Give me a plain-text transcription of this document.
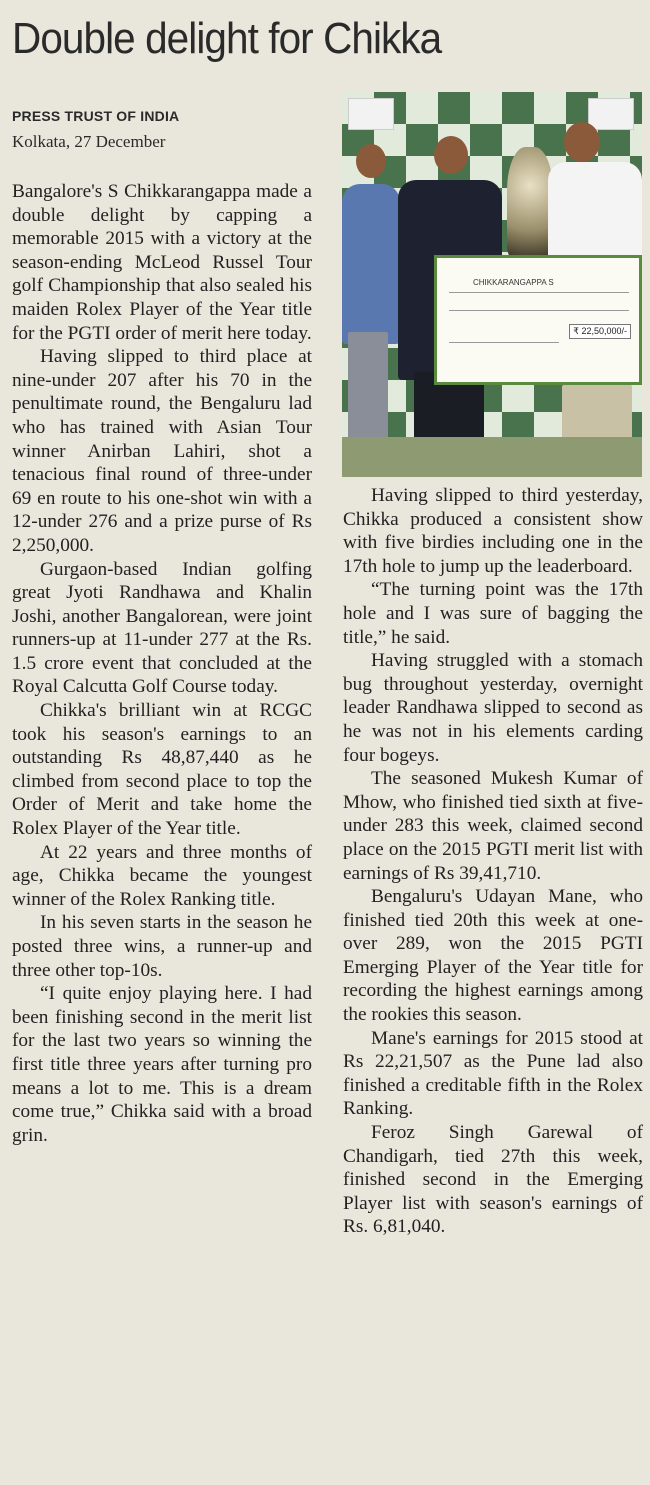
Double delight for Chikka
PRESS TRUST OF INDIA
Kolkata, 27 December
CHIKKARANGAPPA S
₹ 22,50,000/-

Bangalore's S Chikkarangappa made a double delight by capping a memorable 2015 with a victory at the season-ending McLeod Russel Tour golf Championship that also sealed his maiden Rolex Player of the Year title for the PGTI order of merit here today.

Having slipped to third place at nine-under 207 after his 70 in the penultimate round, the Bengaluru lad who has trained with Asian Tour winner Anirban Lahiri, shot a tenacious final round of three-under 69 en route to his one-shot win with a 12-under 276 and a prize purse of Rs 2,250,000.

Gurgaon-based Indian golfing great Jyoti Randhawa and Khalin Joshi, another Bangalorean, were joint runners-up at 11-under 277 at the Rs. 1.5 crore event that concluded at the Royal Calcutta Golf Course today.

Chikka's brilliant win at RCGC took his season's earnings to an outstanding Rs 48,87,440 as he climbed from second place to top the Order of Merit and take home the Rolex Player of the Year title.

At 22 years and three months of age, Chikka became the youngest winner of the Rolex Ranking title.

In his seven starts in the season he posted three wins, a runner-up and three other top-10s.

“I quite enjoy playing here. I had been finishing second in the merit list for the last two years so winning the first title three years after turning pro means a lot to me. This is a dream come true,” Chikka said with a broad grin.

Having slipped to third yesterday, Chikka produced a consistent show with five birdies including one in the 17th hole to jump up the leaderboard.

“The turning point was the 17th hole and I was sure of bagging the title,” he said.

Having struggled with a stomach bug throughout yesterday, overnight leader Randhawa slipped to second as he was not in his elements carding four bogeys.

The seasoned Mukesh Kumar of Mhow, who finished tied sixth at five-under 283 this week, claimed second place on the 2015 PGTI merit list with earnings of Rs 39,41,710.

Bengaluru's Udayan Mane, who finished tied 20th this week at one-over 289, won the 2015 PGTI Emerging Player of the Year title for recording the highest earnings among the rookies this season.

Mane's earnings for 2015 stood at Rs 22,21,507 as the Pune lad also finished a creditable fifth in the Rolex Ranking.

Feroz Singh Garewal of Chandigarh, tied 27th this week, finished second in the Emerging Player list with season's earnings of Rs. 6,81,040.
